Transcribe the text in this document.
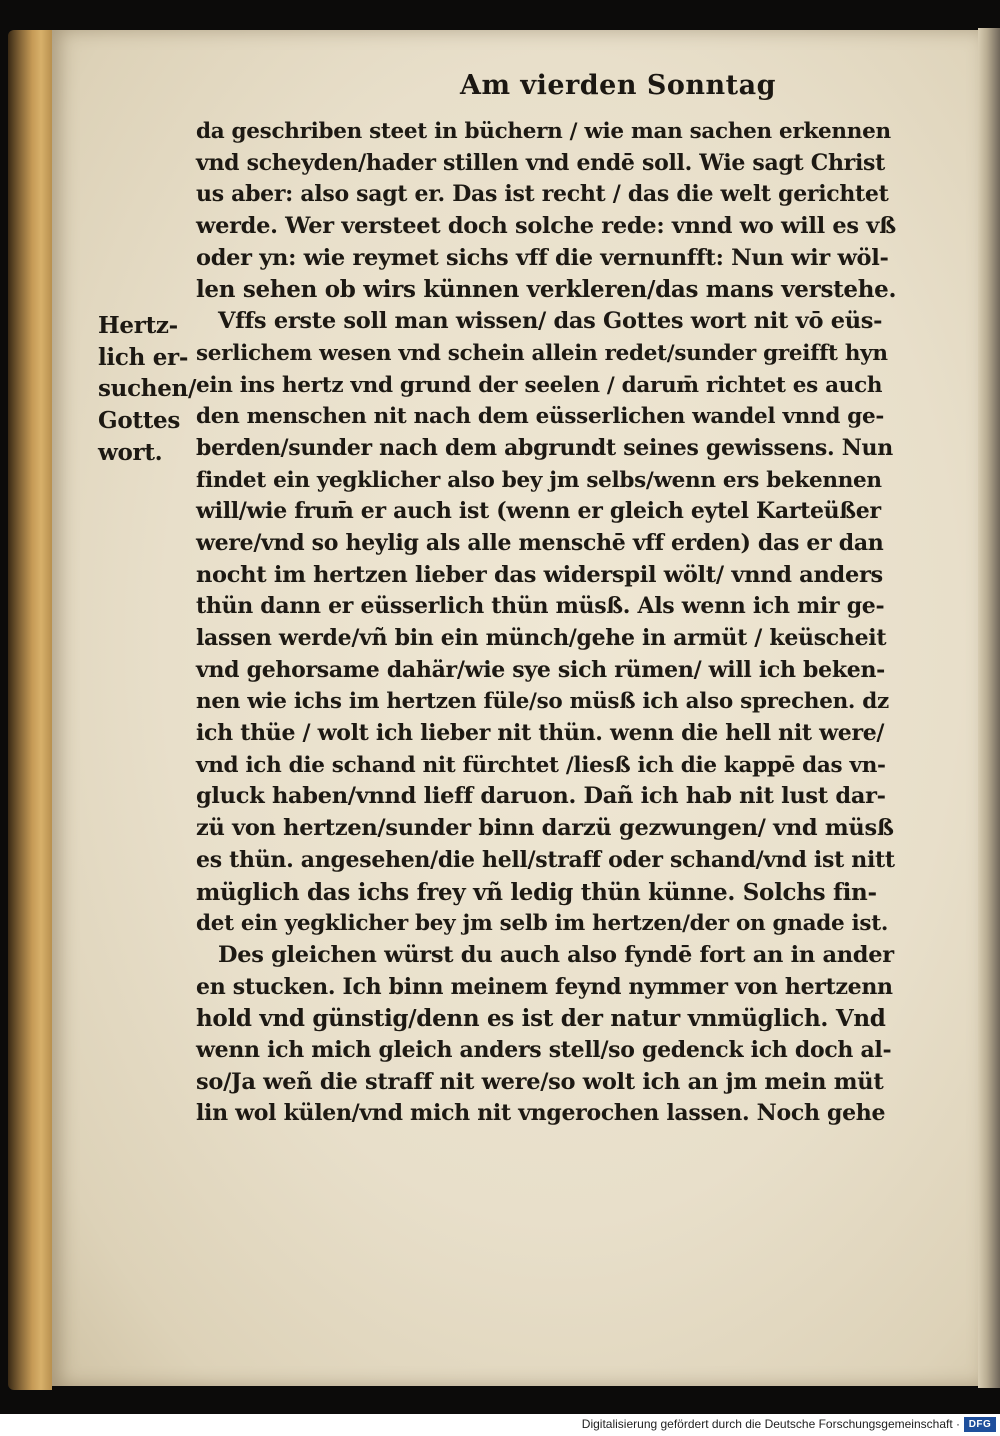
Am vierden Sonntag
Hertz-
lich er-
suchen/
Gottes
wort.
da geschriben steet in büchern / wie man sachen erkennen
vnd scheyden/hader stillen vnd endē soll. Wie sagt Christ
us aber: also sagt er. Das ist recht / das die welt gerichtet
werde. Wer versteet doch solche rede: vnnd wo will es vß
oder yn: wie reymet sichs vff die vernunfft: Nun wir wöl-
len sehen ob wirs künnen verkleren/das mans verstehe.
Vffs erste soll man wissen/ das Gottes wort nit vō eüs-
serlichem wesen vnd schein allein redet/sunder greifft hyn
ein ins hertz vnd grund der seelen / darum̄ richtet es auch
den menschen nit nach dem eüsserlichen wandel vnnd ge-
berden/sunder nach dem abgrundt seines gewissens. Nun
findet ein yegklicher also bey jm selbs/wenn ers bekennen
will/wie frum̄ er auch ist (wenn er gleich eytel Karteüßer
were/vnd so heylig als alle menschē vff erden) das er dan
nocht im hertzen lieber das widerspil wölt/ vnnd anders
thün dann er eüsserlich thün müsß. Als wenn ich mir ge-
lassen werde/vñ bin ein münch/gehe in armüt / keüscheit
vnd gehorsame dahär/wie sye sich rümen/ will ich beken-
nen wie ichs im hertzen füle/so müsß ich also sprechen. dz
ich thüe / wolt ich lieber nit thün. wenn die hell nit were/
vnd ich die schand nit fürchtet /liesß ich die kappē das vn-
gluck haben/vnnd lieff daruon. Dañ ich hab nit lust dar-
zü von hertzen/sunder binn darzü gezwungen/ vnd müsß
es thün. angesehen/die hell/straff oder schand/vnd ist nitt
müglich das ichs frey vñ ledig thün künne. Solchs fin-
det ein yegklicher bey jm selb im hertzen/der on gnade ist.
Des gleichen würst du auch also fyndē fort an in ander
en stucken. Ich binn meinem feynd nymmer von hertzenn
hold vnd günstig/denn es ist der natur vnmüglich. Vnd
wenn ich mich gleich anders stell/so gedenck ich doch al-
so/Ja weñ die straff nit were/so wolt ich an jm mein müt
lin wol külen/vnd mich nit vngerochen lassen. Noch gehe
Digitalisierung gefördert durch die Deutsche Forschungsgemeinschaft · DFG
